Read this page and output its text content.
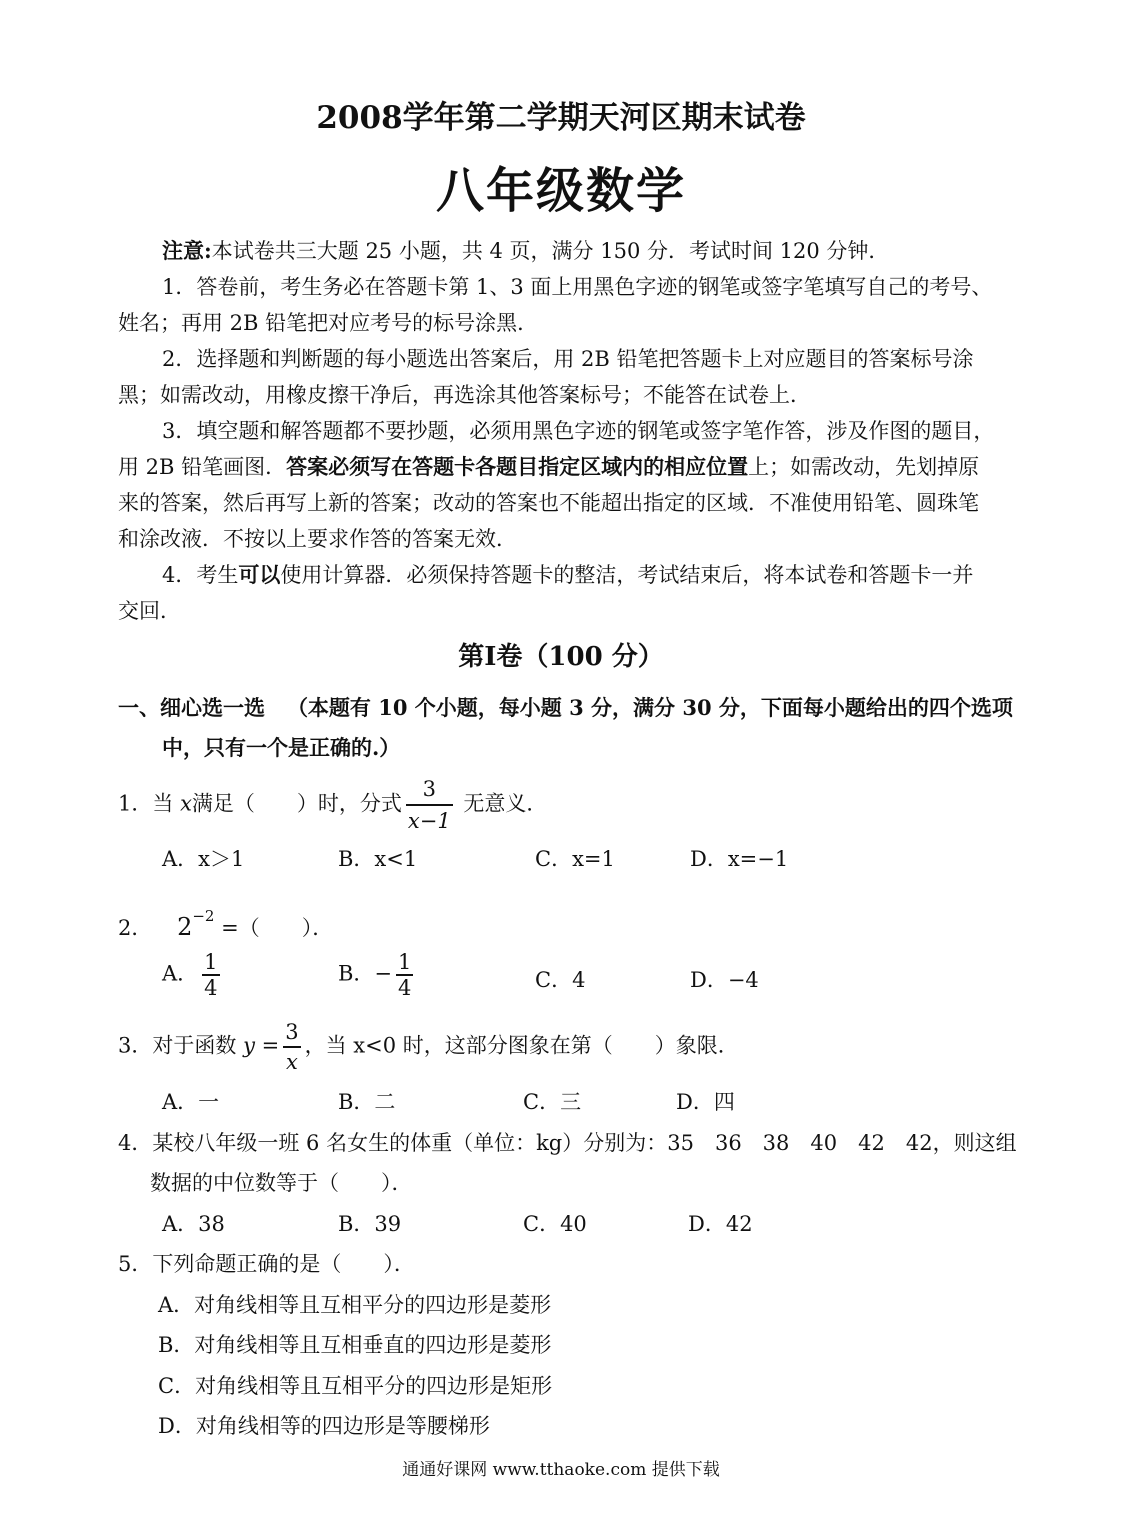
2008学年第二学期天河区期末试卷
八年级数学
注意:本试卷共三大题 25 小题，共 4 页，满分 150 分．考试时间 120 分钟．
1．答卷前，考生务必在答题卡第 1、3 面上用黑色字迹的钢笔或签字笔填写自己的考号、
姓名；再用 2B 铅笔把对应考号的标号涂黑．
2．选择题和判断题的每小题选出答案后，用 2B 铅笔把答题卡上对应题目的答案标号涂
黑；如需改动，用橡皮擦干净后，再选涂其他答案标号；不能答在试卷上．
3．填空题和解答题都不要抄题，必须用黑色字迹的钢笔或签字笔作答，涉及作图的题目，
用 2B 铅笔画图．答案必须写在答题卡各题目指定区域内的相应位置上；如需改动，先划掉原
来的答案，然后再写上新的答案；改动的答案也不能超出指定的区域．不准使用铅笔、圆珠笔
和涂改液．不按以上要求作答的答案无效．
4．考生可以使用计算器．必须保持答题卡的整洁，考试结束后，将本试卷和答题卡一并
交回．
第I卷（100 分）
一、细心选一选 （本题有 10 个小题，每小题 3 分，满分 30 分，下面每小题给出的四个选项
中，只有一个是正确的.）
1．当 x满足（　　）时，分式 $\frac{3}{x-1}$ 无意义．
A．x＞1	B．x<1	C．x=1	D．x=−1
2． $2^{-2}$ =（　　）．
A． $\frac{1}{4}$	B．− $\frac{1}{4}$	C．4	D．−4
3．对于函数 $y = \frac{3}{x}$ ，当 x<0 时，这部分图象在第（　　）象限．
A．一	B．二	C．三	D．四
4．某校八年级一班 6 名女生的体重（单位：kg）分别为：35　36　38　40　42　42，则这组
数据的中位数等于（　　）．
A．38	B．39	C．40	D．42
5．下列命题正确的是（　　）．
A．对角线相等且互相平分的四边形是菱形
B．对角线相等且互相垂直的四边形是菱形
C．对角线相等且互相平分的四边形是矩形
D．对角线相等的四边形是等腰梯形
通通好课网 www.tthaoke.com 提供下载
